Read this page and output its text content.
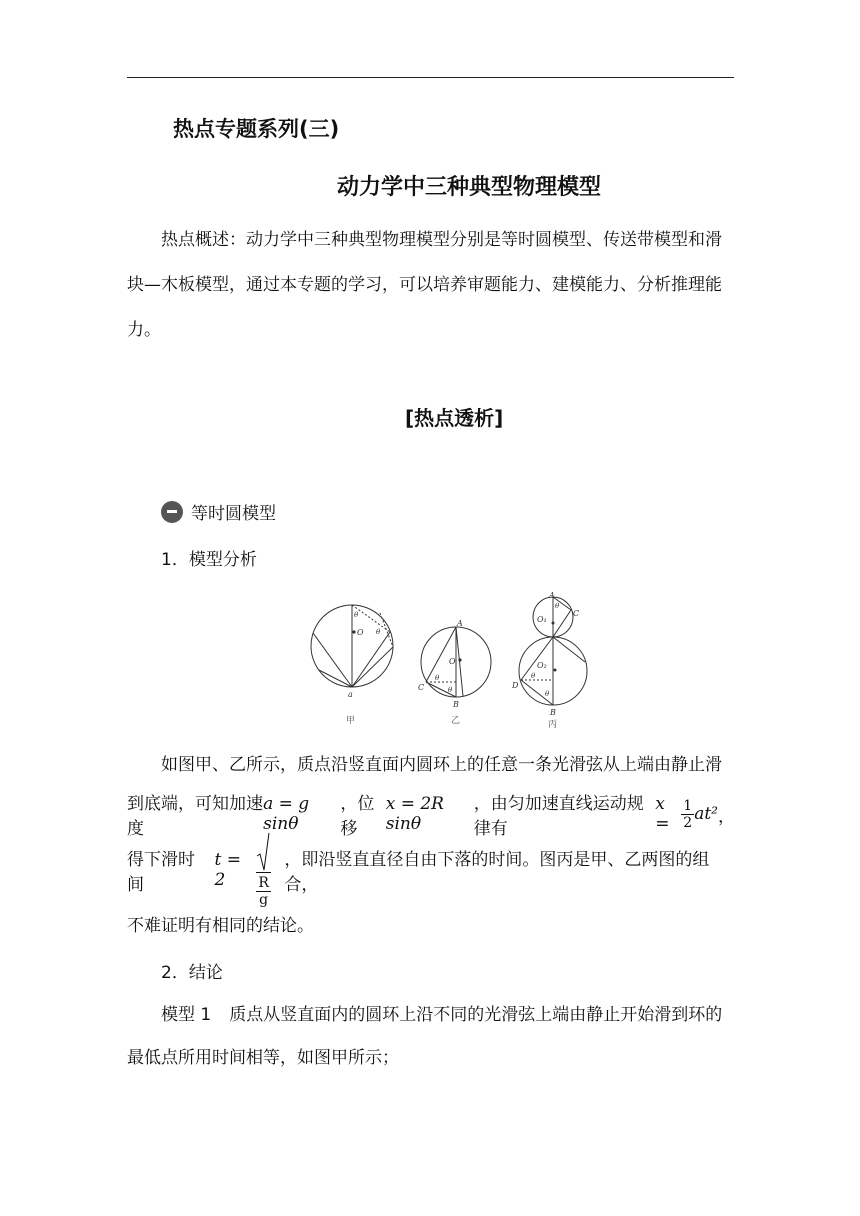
热点专题系列(三)
动力学中三种典型物理模型
热点概述：动力学中三种典型物理模型分别是等时圆模型、传送带模型和滑块—木板模型，通过本专题的学习，可以培养审题能力、建模能力、分析推理能力。
[热点透析]
等时圆模型
1．模型分析
O
θ
θ
a
甲
O
A
C
B
θ
θ
乙
A
C
O₁
O₂
D
B
θ
θ
θ
丙
如图甲、乙所示，质点沿竖直面内圆环上的任意一条光滑弦从上端由静止滑
到底端，可知加速度
a = g sinθ
，位移
x = 2R sinθ
，由匀加速直线运动规律有
$x = \frac{1}{2} at^2$ ，
得下滑时间
t = 2	$\frac{R}{g}$
，即沿竖直直径自由下落的时间。图丙是甲、乙两图的组合，
不难证明有相同的结论。
2．结论
模型 1 质点从竖直面内的圆环上沿不同的光滑弦上端由静止开始滑到环的
最低点所用时间相等，如图甲所示；
